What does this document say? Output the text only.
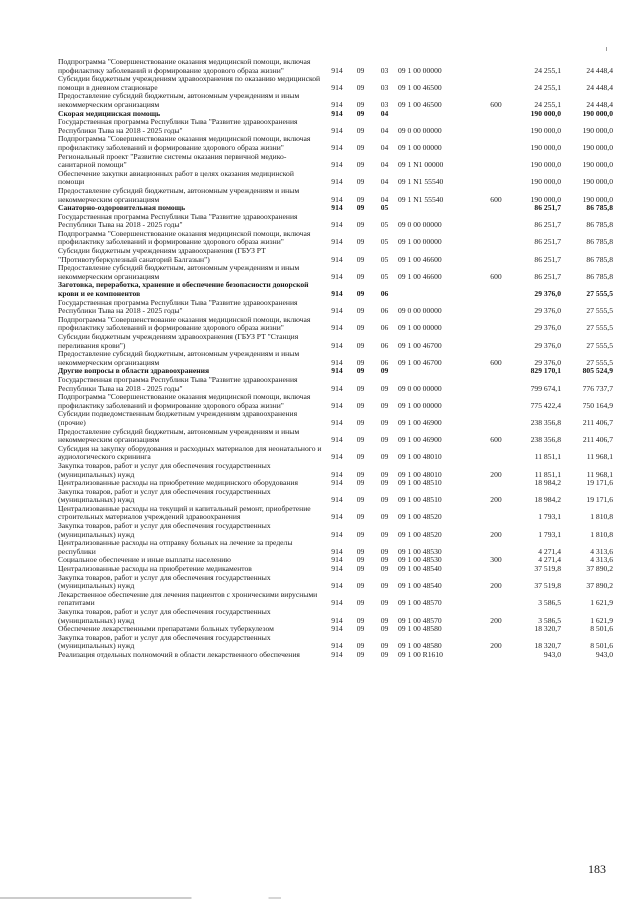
Подпрограмма "Совершенствование оказания медицинской помощи, включая профилактику заболеваний и формирование здорового образа жизни"	914	09	03	09 1 00 00000		24 255,1	24 448,4
Субсидии бюджетным учреждениям здравоохранения по оказанию медицинской помощи в дневном стационаре	914	09	03	09 1 00 46500		24 255,1	24 448,4
Предоставление субсидий бюджетным, автономным учреждениям и иным некоммерческим организациям	914	09	03	09 1 00 46500	600	24 255,1	24 448,4
Скорая медицинская помощь	914	09	04			190 000,0	190 000,0
Государственная программа Республики Тыва "Развитие здравоохранения Республики Тыва на 2018 - 2025 годы"	914	09	04	09 0 00 00000		190 000,0	190 000,0
Подпрограмма "Совершенствование оказания медицинской помощи, включая профилактику заболеваний и формирование здорового образа жизни"	914	09	04	09 1 00 00000		190 000,0	190 000,0
Региональный проект "Развитие системы оказания первичной медико-санитарной помощи"	914	09	04	09 1 N1 00000		190 000,0	190 000,0
Обеспечение закупки авиационных работ в целях оказания медицинской помощи	914	09	04	09 1 N1 55540		190 000,0	190 000,0
Предоставление субсидий бюджетным, автономным учреждениям и иным некоммерческим организациям	914	09	04	09 1 N1 55540	600	190 000,0	190 000,0
Санаторно-оздоровительная помощь	914	09	05			86 251,7	86 785,8
Государственная программа Республики Тыва "Развитие здравоохранения Республики Тыва на 2018 - 2025 годы"	914	09	05	09 0 00 00000		86 251,7	86 785,8
Подпрограмма "Совершенствование оказания медицинской помощи, включая профилактику заболеваний и формирование здорового образа жизни"	914	09	05	09 1 00 00000		86 251,7	86 785,8
Субсидии бюджетным учреждениям здравоохранения (ГБУЗ РТ "Противотуберкулезный санаторий Балгазын")	914	09	05	09 1 00 46600		86 251,7	86 785,8
Предоставление субсидий бюджетным, автономным учреждениям и иным некоммерческим организациям	914	09	05	09 1 00 46600	600	86 251,7	86 785,8
Заготовка, переработка, хранение и обеспечение безопасности донорской крови и ее компонентов	914	09	06			29 376,0	27 555,5
Государственная программа Республики Тыва "Развитие здравоохранения Республики Тыва на 2018 - 2025 годы"	914	09	06	09 0 00 00000		29 376,0	27 555,5
Подпрограмма "Совершенствование оказания медицинской помощи, включая профилактику заболеваний и формирование здорового образа жизни"	914	09	06	09 1 00 00000		29 376,0	27 555,5
Субсидии бюджетным учреждениям здравоохранения (ГБУЗ РТ "Станция переливания крови")	914	09	06	09 1 00 46700		29 376,0	27 555,5
Предоставление субсидий бюджетным, автономным учреждениям и иным некоммерческим организациям	914	09	06	09 1 00 46700	600	29 376,0	27 555,5
Другие вопросы в области здравоохранения	914	09	09			829 170,1	805 524,9
Государственная программа Республики Тыва "Развитие здравоохранения Республики Тыва на 2018 - 2025 годы"	914	09	09	09 0 00 00000		799 674,1	776 737,7
Подпрограмма "Совершенствование оказания медицинской помощи, включая профилактику заболеваний и формирование здорового образа жизни"	914	09	09	09 1 00 00000		775 422,4	750 164,9
Субсидии подведомственным бюджетным учреждениям здравоохранения (прочие)	914	09	09	09 1 00 46900		238 356,8	211 406,7
Предоставление субсидий бюджетным, автономным учреждениям и иным некоммерческим организациям	914	09	09	09 1 00 46900	600	238 356,8	211 406,7
Субсидия на закупку оборудования и расходных материалов для неонатального и аудиологического скрининга	914	09	09	09 1 00 48010		11 851,1	11 968,1
Закупка товаров, работ и услуг для обеспечения государственных (муниципальных) нужд	914	09	09	09 1 00 48010	200	11 851,1	11 968,1
Централизованные расходы на приобретение медицинского оборудования	914	09	09	09 1 00 48510		18 984,2	19 171,6
Закупка товаров, работ и услуг для обеспечения государственных (муниципальных) нужд	914	09	09	09 1 00 48510	200	18 984,2	19 171,6
Централизованные расходы на текущий и капитальный ремонт, приобретение строительных материалов учреждений здравоохранения	914	09	09	09 1 00 48520		1 793,1	1 810,8
Закупка товаров, работ и услуг для обеспечения государственных (муниципальных) нужд	914	09	09	09 1 00 48520	200	1 793,1	1 810,8
Централизованные расходы на отправку больных на лечение за пределы республики	914	09	09	09 1 00 48530		4 271,4	4 313,6
Социальное обеспечение и иные выплаты населению	914	09	09	09 1 00 48530	300	4 271,4	4 313,6
Централизованные расходы на приобретение медикаментов	914	09	09	09 1 00 48540		37 519,8	37 890,2
Закупка товаров, работ и услуг для обеспечения государственных (муниципальных) нужд	914	09	09	09 1 00 48540	200	37 519,8	37 890,2
Лекарственное обеспечение для лечения пациентов с хроническими вирусными гепатитами	914	09	09	09 1 00 48570		3 586,5	1 621,9
Закупка товаров, работ и услуг для обеспечения государственных (муниципальных) нужд	914	09	09	09 1 00 48570	200	3 586,5	1 621,9
Обеспечение лекарственными препаратами больных туберкулезом	914	09	09	09 1 00 48580		18 320,7	8 501,6
Закупка товаров, работ и услуг для обеспечения государственных (муниципальных) нужд	914	09	09	09 1 00 48580	200	18 320,7	8 501,6
Реализация отдельных полномочий в области лекарственного обеспечения	914	09	09	09 1 00 R1610		943,0	943,0
183
